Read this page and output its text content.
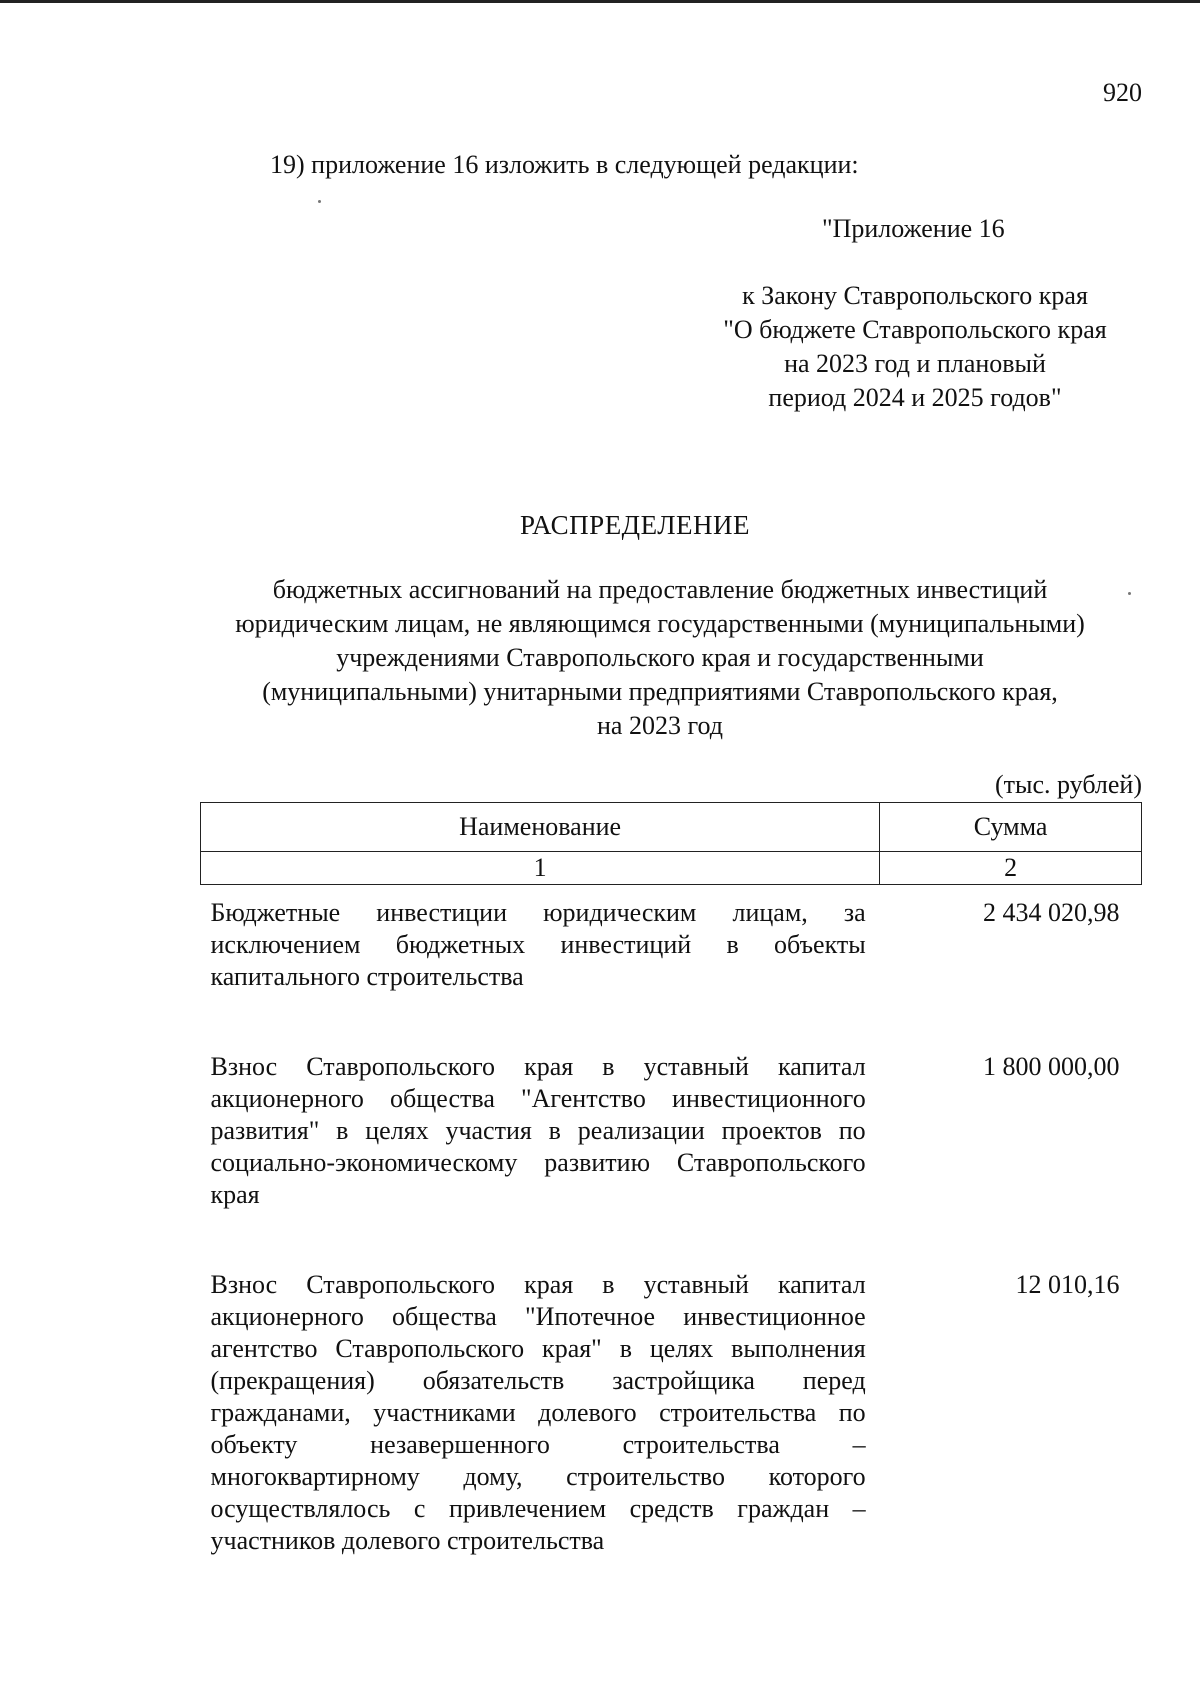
920
19) приложение 16 изложить в следующей редакции:
"Приложение 16
к Закону Ставропольского края
"О бюджете Ставропольского края
на 2023 год и плановый
период 2024 и 2025 годов"
РАСПРЕДЕЛЕНИЕ
бюджетных ассигнований на предоставление бюджетных инвестиций
юридическим лицам, не являющимся государственными (муниципальными)
учреждениями Ставропольского края и государственными
(муниципальными) унитарными предприятиями Ставропольского края,
на 2023 год
(тыс. рублей)
Наименование	Сумма
1	2
Бюджетные инвестиции юридическим лицам, за исключением бюджетных инвестиций в объекты капитального строительства	2 434 020,98
Взнос Ставропольского края в уставный капитал акционерного общества "Агентство инвестиционного развития" в целях участия в реализации проектов по социально-экономическому развитию Ставропольского края	1 800 000,00
Взнос Ставропольского края в уставный капитал акционерного общества "Ипотечное инвестиционное агентство Ставропольского края" в целях выполнения (прекращения) обязательств застройщика перед гражданами, участниками долевого строительства по объекту незавершенного строительства – многоквартирному дому, строительство которого осуществлялось с привлечением средств граждан – участников долевого строительства	12 010,16
